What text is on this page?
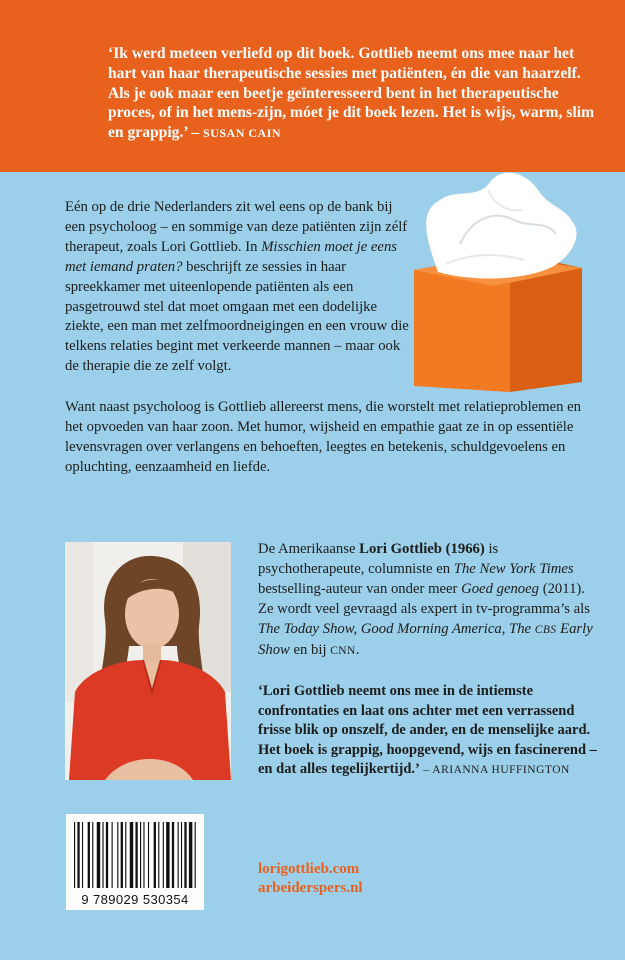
‘Ik werd meteen verliefd op dit boek. Gottlieb neemt ons mee naar het hart van haar therapeutische sessies met patiënten, én die van haarzelf. Als je ook maar een beetje geïnteresseerd bent in het therapeutische proces, of in het mens-zijn, móet je dit boek lezen. Het is wijs, warm, slim en grappig.’ – SUSAN CAIN

Eén op de drie Nederlanders zit wel eens op de bank bij een psycholoog – en sommige van deze patiënten zijn zélf therapeut, zoals Lori Gottlieb. In Misschien moet je eens met iemand praten? beschrijft ze sessies in haar spreekkamer met uiteenlopende patiënten als een pasgetrouwd stel dat moet omgaan met een dodelijke ziekte, een man met zelfmoordneigingen en een vrouw die telkens relaties begint met verkeerde mannen – maar ook de therapie die ze zelf volgt.

Want naast psycholoog is Gottlieb allereerst mens, die worstelt met relatieproblemen en het opvoeden van haar zoon. Met humor, wijsheid en empathie gaat ze in op essentiële levensvragen over verlangens en behoeften, leegtes en betekenis, schuldgevoelens en opluchting, eenzaamheid en liefde.

De Amerikaanse Lori Gottlieb (1966) is psychotherapeute, columniste en The New York Times bestselling-auteur van onder meer Goed genoeg (2011). Ze wordt veel gevraagd als expert in tv-programma’s als The Today Show, Good Morning America, The CBS Early Show en bij CNN.

‘Lori Gottlieb neemt ons mee in de intiemste confrontaties en laat ons achter met een verrassend frisse blik op onszelf, de ander, en de menselijke aard. Het boek is grappig, hoopgevend, wijs en fascinerend – en dat alles tegelijkertijd.’ – ARIANNA HUFFINGTON

9 789029 530354
lorigottlieb.com
arbeiderspers.nl
